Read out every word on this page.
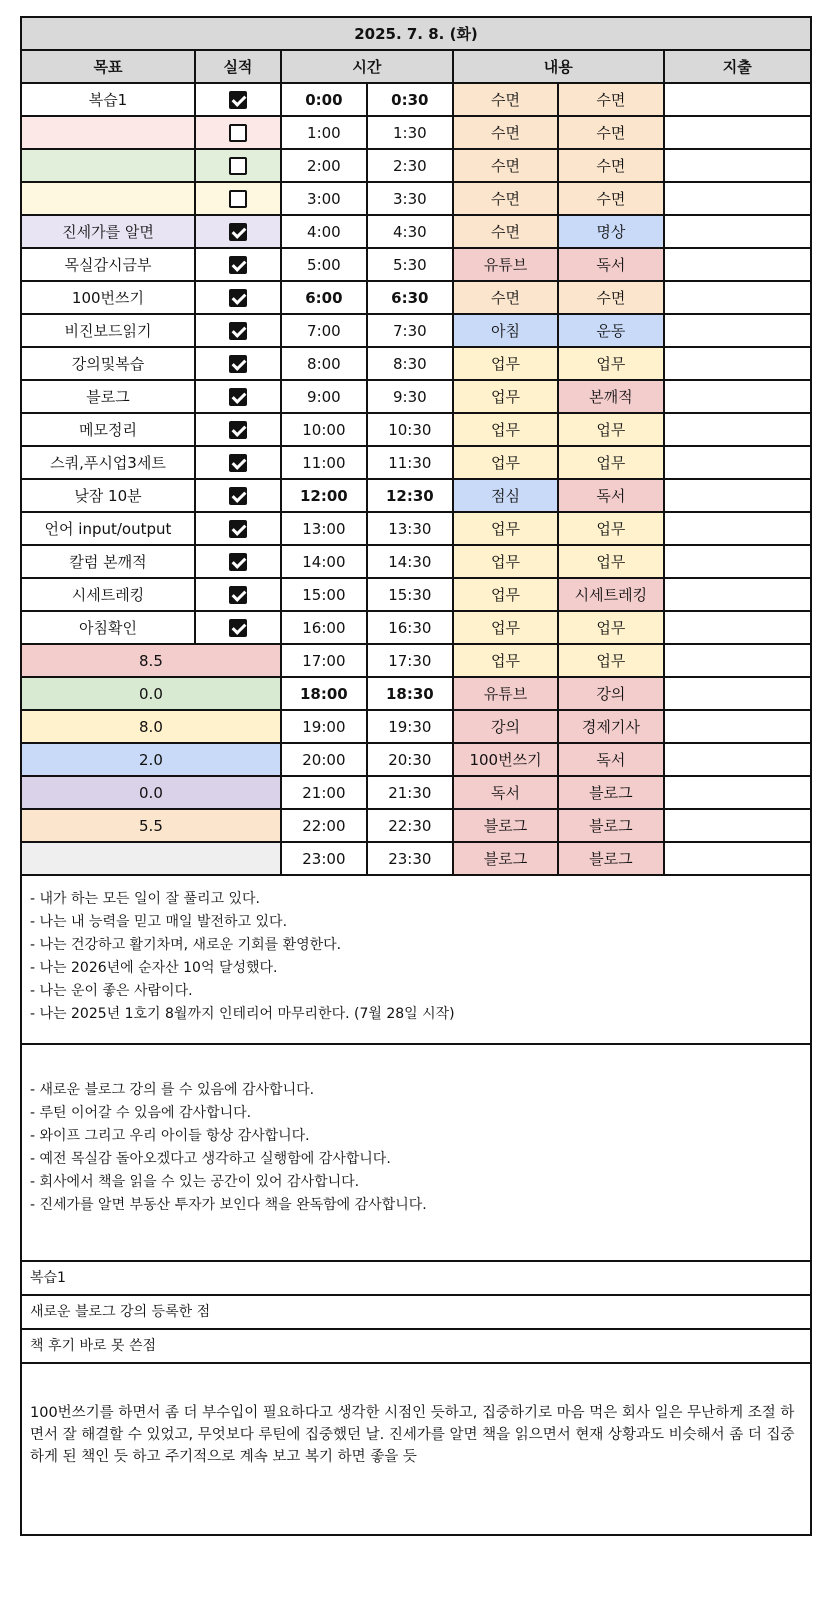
2025. 7. 8. (화)						
목표	실적	시간		내용		지출
복습1		0:00	0:30	수면	수면	
		1:00	1:30	수면	수면	
		2:00	2:30	수면	수면	
		3:00	3:30	수면	수면	
진세가를 알면		4:00	4:30	수면	명상	
목실감시금부		5:00	5:30	유튜브	독서	
100번쓰기		6:00	6:30	수면	수면	
비진보드읽기		7:00	7:30	아침	운동	
강의및복습		8:00	8:30	업무	업무	
블로그		9:00	9:30	업무	본깨적	
메모정리		10:00	10:30	업무	업무	
스쿼,푸시업3세트		11:00	11:30	업무	업무	
낮잠 10분		12:00	12:30	점심	독서	
언어 input/output		13:00	13:30	업무	업무	
칼럼 본깨적		14:00	14:30	업무	업무	
시세트레킹		15:00	15:30	업무	시세트레킹	
아침확인		16:00	16:30	업무	업무	
8.5		17:00	17:30	업무	업무	
0.0		18:00	18:30	유튜브	강의	
8.0		19:00	19:30	강의	경제기사	
2.0		20:00	20:30	100번쓰기	독서	
0.0		21:00	21:30	독서	블로그	
5.5		22:00	22:30	블로그	블로그	
		23:00	23:30	블로그	블로그	
- 내가 하는 모든 일이 잘 풀리고 있다.
- 나는 내 능력을 믿고 매일 발전하고 있다.
- 나는 건강하고 활기차며, 새로운 기회를 환영한다.
- 나는 2026년에 순자산 10억 달성했다.
- 나는 운이 좋은 사람이다.
- 나는 2025년 1호기 8월까지 인테리어 마무리한다. (7월 28일 시작)
- 새로운 블로그 강의 를 수 있음에 감사합니다.
- 루틴 이어갈 수 있음에 감사합니다.
- 와이프 그리고 우리 아이들 항상 감사합니다.
- 예전 목실감 돌아오겠다고 생각하고 실행함에 감사합니다.
- 회사에서 책을 읽을 수 있는 공간이 있어 감사합니다.
- 진세가를 알면 부동산 투자가 보인다 책을 완독함에 감사합니다.
복습1
새로운 블로그 강의 등록한 점
책 후기 바로 못 쓴점
100번쓰기를 하면서 좀 더 부수입이 필요하다고 생각한 시점인 듯하고, 집중하기로 마음 먹은 회사 일은 무난하게 조절 하면서 잘 해결할 수 있었고, 무엇보다 루틴에 집중했던 날. 진세가를 알면 책을 읽으면서 현재 상황과도 비슷해서 좀 더 집중하게 된 책인 듯 하고 주기적으로 계속 보고 복기 하면 좋을 듯
